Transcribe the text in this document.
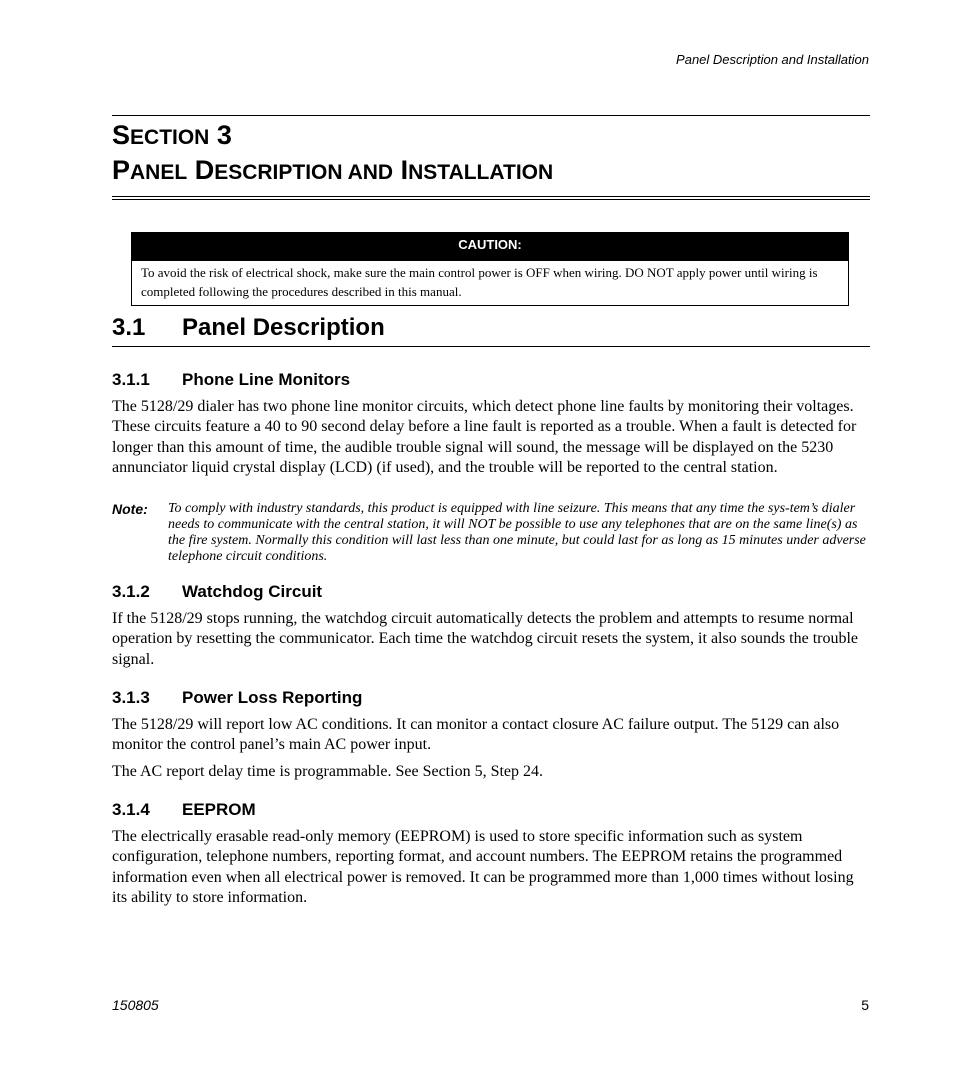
Panel Description and Installation
SECTION 3
PANEL DESCRIPTION AND INSTALLATION
CAUTION:
To avoid the risk of electrical shock, make sure the main control power is OFF when wiring. DO NOT apply power until wiring is completed following the procedures described in this manual.
3.1 Panel Description
3.1.1 Phone Line Monitors
The 5128/29 dialer has two phone line monitor circuits, which detect phone line faults by monitoring their voltages. These circuits feature a 40 to 90 second delay before a line fault is reported as a trouble. When a fault is detected for longer than this amount of time, the audible trouble signal will sound, the message will be displayed on the 5230 annunciator liquid crystal display (LCD) (if used), and the trouble will be reported to the central station.
Note: To comply with industry standards, this product is equipped with line seizure. This means that any time the sys-tem’s dialer needs to communicate with the central station, it will NOT be possible to use any telephones that are on the same line(s) as the fire system. Normally this condition will last less than one minute, but could last for as long as 15 minutes under adverse telephone circuit conditions.
3.1.2 Watchdog Circuit
If the 5128/29 stops running, the watchdog circuit automatically detects the problem and attempts to resume normal operation by resetting the communicator. Each time the watchdog circuit resets the system, it also sounds the trouble signal.
3.1.3 Power Loss Reporting
The 5128/29 will report low AC conditions. It can monitor a contact closure AC failure output. The 5129 can also monitor the control panel’s main AC power input.
The AC report delay time is programmable. See Section 5, Step 24.
3.1.4 EEPROM
The electrically erasable read-only memory (EEPROM) is used to store specific information such as system configuration, telephone numbers, reporting format, and account numbers. The EEPROM retains the programmed information even when all electrical power is removed. It can be programmed more than 1,000 times without losing its ability to store information.
150805	5
